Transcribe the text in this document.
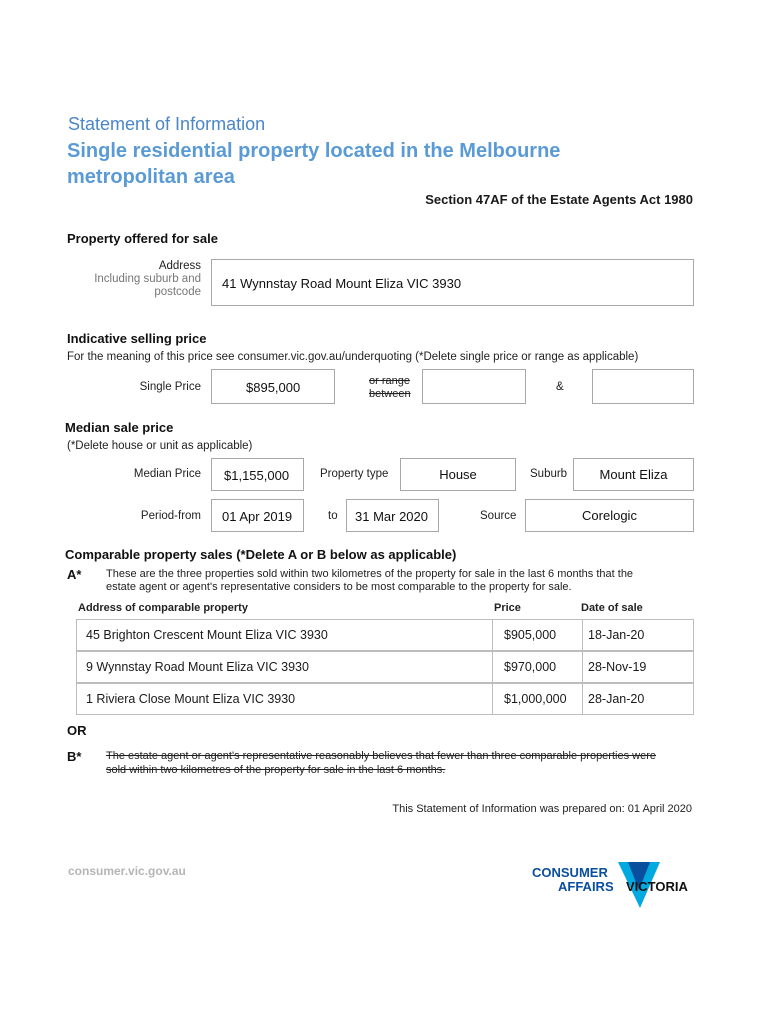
Statement of Information
Single residential property located in the Melbourne
metropolitan area
Section 47AF of the Estate Agents Act 1980
Property offered for sale
Address
Including suburb and
postcode
41 Wynnstay Road Mount Eliza VIC 3930
Indicative selling price
For the meaning of this price see consumer.vic.gov.au/underquoting (*Delete single price or range as applicable)
Single Price	$895,000	or range
between
&
Median sale price
(*Delete house or unit as applicable)
Median Price $1,155,000	Property type	House	Suburb	Mount Eliza
Period-from 01 Apr 2019	to 31 Mar 2020	Source	Corelogic
Comparable property sales (*Delete A or B below as applicable)
A* These are the three properties sold within two kilometres of the property for sale in the last 6 months that the
estate agent or agent's representative considers to be most comparable to the property for sale.
Address of comparable property	Price	Date of sale
45 Brighton Crescent Mount Eliza VIC 3930	$905,000	18-Jan-20
9 Wynnstay Road Mount Eliza VIC 3930	$970,000	28-Nov-19
1 Riviera Close Mount Eliza VIC 3930	$1,000,000 28-Jan-20
OR
B* The estate agent or agent's representative reasonably believes that fewer than three comparable properties were
sold within two kilometres of the property for sale in the last 6 months.
This Statement of Information was prepared on: 01 April 2020
consumer.vic.gov.au	CONSUMER
AFFAIRS VICTORIA
